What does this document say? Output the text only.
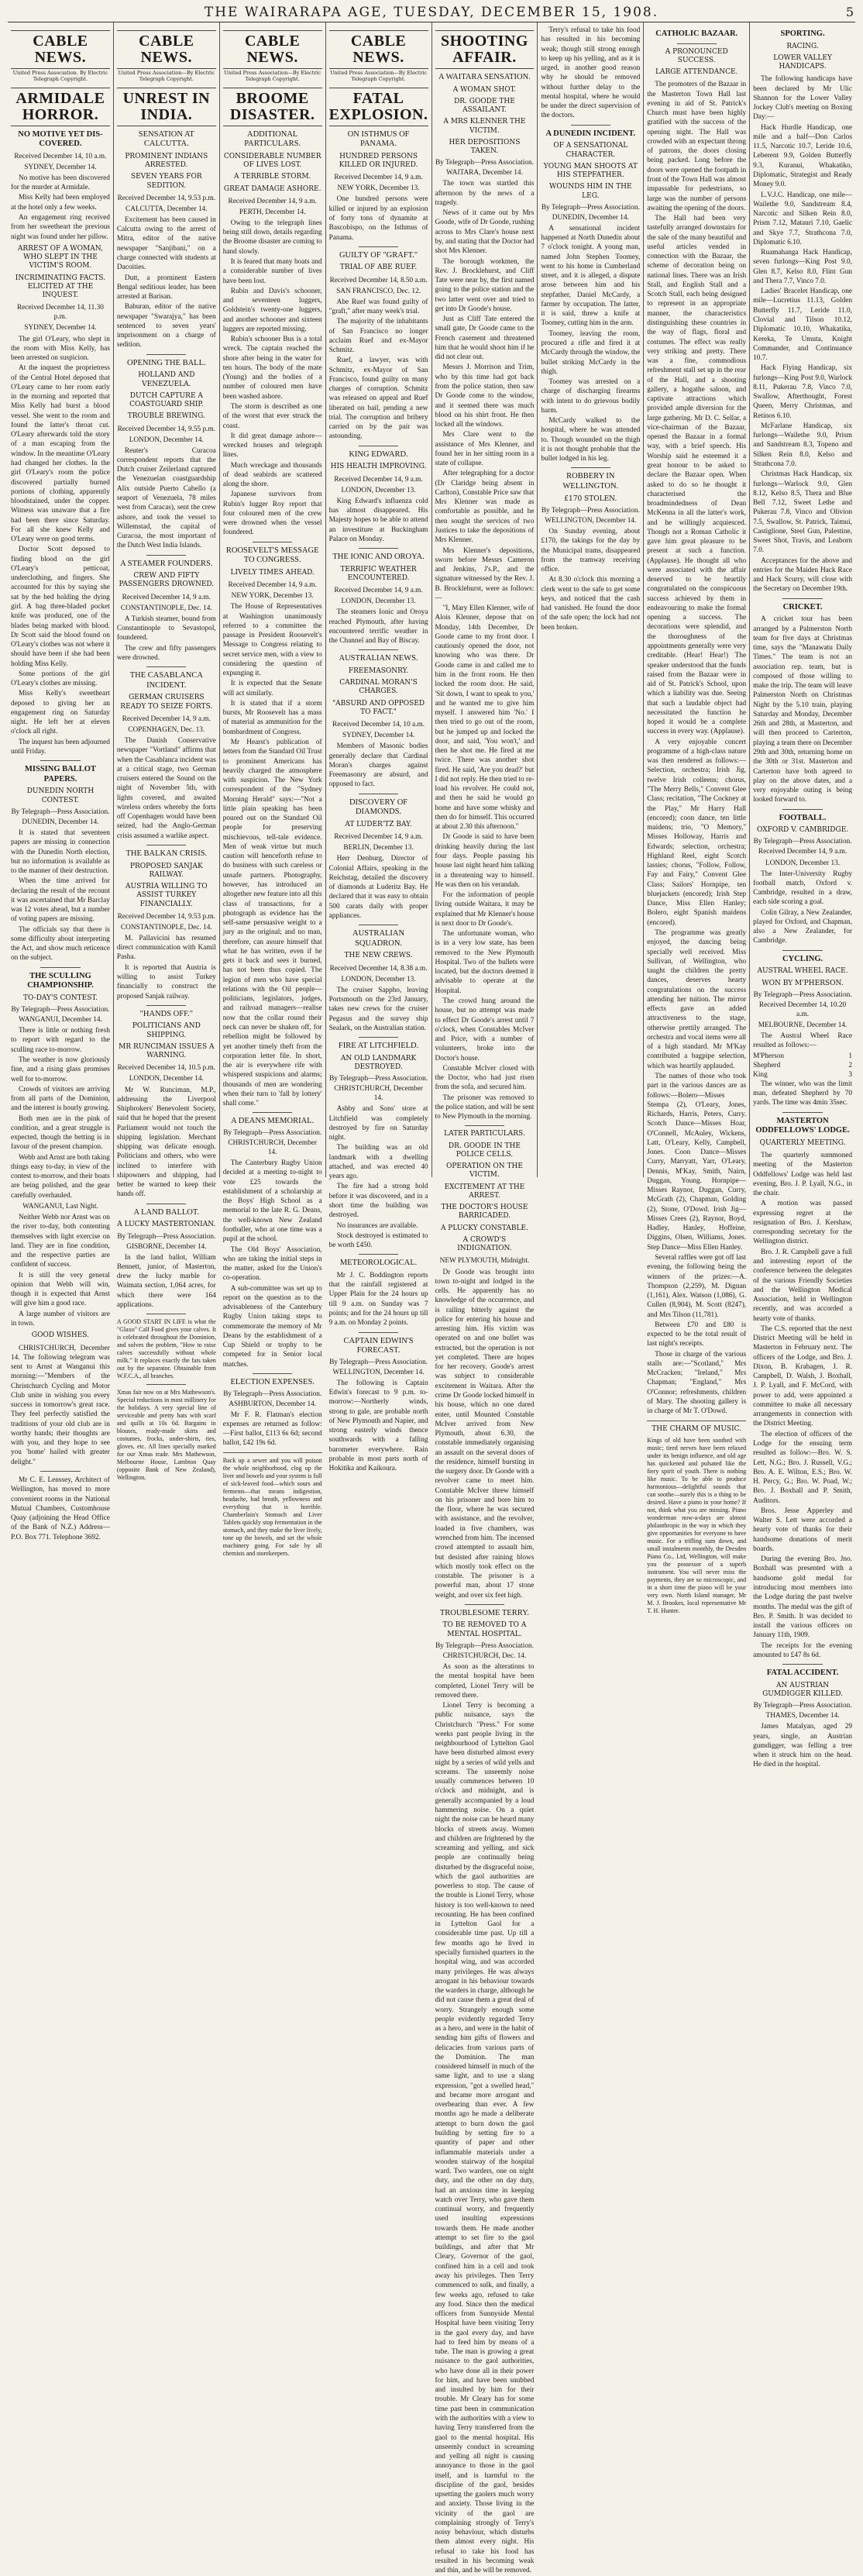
THE WAIRARAPA AGE, TUESDAY, DECEMBER 15, 1908.	5
CABLE NEWS.
United Press Association. By Electric Telegraph Copyright.
ARMIDALE HORROR.
NO MOTIVE YET DIS-COVERED.
Received December 14, 10 a.m.
SYDNEY, December 14.

No motive has been discovered for the murder at Armidale.

Miss Kelly had been employed at the hotel only a few weeks.

An engagement ring received from her sweetheart the previous night was found under her pillow.

ARREST OF A WOMAN, WHO SLEPT IN THE VICTIM'S ROOM.
INCRIMINATING FACTS. ELICITED AT THE INQUEST.
Received December 14, 11.30 p.m.
SYDNEY, December 14.

The girl O'Leary, who slept in the room with Miss Kelly, has been arrested on suspicion.

At the inquest the proprietress of the Central Hotel deposed that O'Leary came to her room early in the morning and reported that Miss Kelly had burst a blood vessel. She went to the room and found the latter's throat cut. O'Leary afterwards told the story of a man escaping from the window. In the meantime O'Leary had changed her clothes. In the girl O'Leary's room the police discovered partially burned portions of clothing, apparently bloodstained, under the copper. Witness was unaware that a fire had been there since Saturday. For all she knew Kelly and O'Leary were on good terms.

Doctor Scott deposed to finding blood on the girl O'Leary's petticoat, underclothing, and fingers. She accounted for this by saying she sat by the bed holding the dying girl. A bag three-bladed pocket knife was produced, one of the blades being marked with blood. Dr Scott said the blood found on O'Leary's clothes was not where it should have been if she had been holding Miss Kelly.

Some portions of the girl O'Leary's clothes are missing.

Miss Kelly's sweetheart deposed to giving her an engagement ring on Saturday night. He left her at eleven o'clock all right.

The inquest has been adjourned until Friday.

MISSING BALLOT PAPERS.
DUNEDIN NORTH CONTEST.
By Telegraph—Press Association.
DUNEDIN, December 14.

It is stated that seventeen papers are missing in connection with the Dunedin North election, but no information is available as to the manner of their destruction.

When the time arrived for declaring the result of the recount it was ascertained that Mr Barclay was 12 votes ahead, but a number of voting papers are missing.

The officials say that there is some difficulty about interpreting the Act, and show much reticence on the subject.

THE SCULLING CHAMPIONSHIP.
TO-DAY'S CONTEST.
By Telegraph—Press Association.
WANGANUI, December 14.

There is little or nothing fresh to report with regard to the sculling race to-morrow.

The weather is now gloriously fine, and a rising glass promises well for to-morrow.

Crowds of visitors are arriving from all parts of the Dominion, and the interest is hourly growing.

Both men are in the pink of condition, and a great struggle is expected, though the betting is in favour of the present champion.

Webb and Arnst are both taking things easy to-day, in view of the contest to-morrow, and their boats are being polished, and the gear carefully overhauled.

WANGANUI, Last Night.

Neither Webb nor Arnst was on the river to-day, both contenting themselves with light exercise on land. They are in fine condition, and the respective parties are confident of success.

It is still the very general opinion that Webb will win, though it is expected that Arnst will give him a good race.

A large number of visitors are in town.

GOOD WISHES.

CHRISTCHURCH, December 14. The following telegram was sent to Arnst at Wanganui this morning:—"Members of the Christchurch Cycling and Motor Club unite in wishing you every success in tomorrow's great race. They feel perfectly satisfied the traditions of your old club are in worthy hands; their thoughts are with you, and they hope to see you 'home' hailed with greater delight."

Mr C. E. Lenssey, Architect of Wellington, has moved to more convenient rooms in the National Mutual Chambers, Customhouse Quay (adjoining the Head Office of the Bank of N.Z.) Address—P.O. Box 771. Telephone 3692.

CABLE NEWS.
United Press Association—By Electric Telegraph Copyright.
UNREST IN INDIA.
SENSATION AT CALCUTTA.
PROMINENT INDIANS ARRESTED.
SEVEN YEARS FOR SEDITION.
Received December 14, 9.53 p.m.
CALCUTTA, December 14.

Excitement has been caused in Calcutta owing to the arrest of Mitra, editor of the native newspaper "Sanjibani," on a charge connected with students at Dacoities.

Dutt, a prominent Eastern Bengal seditious leader, has been arrested at Barisan.

Baburan, editor of the native newspaper "Swarajya," has been sentenced to seven years' imprisonment on a charge of sedition.

OPENING THE BALL.
HOLLAND AND VENEZUELA.
DUTCH CAPTURE A COASTGUARD SHIP.
TROUBLE BREWING.
Received December 14, 9.55 p.m.
LONDON, December 14.

Reuter's Curacoa correspondent reports that the Dutch cruiser Zeilerland captured the Venezuelan coastguardship Alix outside Puerto Cabello (a seaport of Venezuela, 78 miles west from Caracas), sent the crew ashore, and took the vessel to Willemstad, the capital of Curacoa, the most important of the Dutch West India Islands.

A STEAMER FOUNDERS.
CREW AND FIFTY PASSENGERS DROWNED.
Received December 14, 9 a.m.
CONSTANTINOPLE, Dec. 14.

A Turkish steamer, bound from Constantinople to Sevastopol, foundered.

The crew and fifty passengers were drowned.

THE CASABLANCA INCIDENT.
GERMAN CRUISERS READY TO SEIZE FORTS.
Received December 14, 9 a.m.
COPENHAGEN, Dec. 13.

The Danish Conservative newspaper "Vortland" affirms that when the Casablanca incident was at a critical stage, two German cruisers entered the Sound on the night of November 5th, with lights covered, and awaited wireless orders whereby the forts off Copenhagen would have been seized, had the Anglo-German crisis assumed a warlike aspect.

THE BALKAN CRISIS.
PROPOSED SANJAK RAILWAY.
AUSTRIA WILLING TO ASSIST TURKEY FINANCIALLY.
Received December 14, 9.53 p.m.
CONSTANTINOPLE, Dec. 14.

M. Pallavicini has resumed direct communication with Kamil Pasha.

It is reported that Austria is willing to assist Turkey financially to construct the proposed Sanjak railway.

"HANDS OFF."
POLITICIANS AND SHIPPING.
MR RUNCIMAN ISSUES A WARNING.
Received December 14, 10.5 p.m.
LONDON, December 14.

Mr W. Runciman, M.P., addressing the Liverpool Shipbrokers' Benevolent Society, said that he hoped that the present Parliament would not touch the shipping legislation. Merchant shipping was delicate enough. Politicians and others, who were inclined to interfere with shipowners and shipping, had better be warned to keep their hands off.

A LAND BALLOT.
A LUCKY MASTERTONIAN.
By Telegraph—Press Association.
GISBORNE, December 14.

In the land ballot, William Bennett, junior, of Masterton, drew the lucky marble for Waimata section, 1,064 acres, for which there were 164 applications.

A GOOD START IN LIFE is what the "Glaxo" Calf Food gives your calves. It is celebrated throughout the Dominion, and solves the problem, "How to raise calves successfully without whole milk." It replaces exactly the fats taken out by the separator. Obtainable from W.F.C.A., all branches.

Xmas fair now on at Mrs Mathewson's. Special reductions in most millinery for the holidays. A very special line of serviceable and pretty hats with scarf and quills at 10s 6d. Bargains in blouses, ready-made skirts and costumes, frocks, under-shirts, ties, gloves, etc. All lines specially marked for our Xmas trade. Mrs Mathewson, Melbourne House, Lambton Quay (opposite Bank of New Zealand), Wellington.

CABLE NEWS.
United Press Association—By Electric Telegraph Copyright.
BROOME DISASTER.
ADDITIONAL PARTICULARS.
CONSIDERABLE NUMBER OF LIVES LOST.
A TERRIBLE STORM.
GREAT DAMAGE ASHORE.
Received December 14, 9 a.m.
PERTH, December 14.

Owing to the telegraph lines being still down, details regarding the Broome disaster are coming to hand slowly.

It is feared that many boats and a considerable number of lives have been lost.

Rubin and Davis's schooner, and seventeen luggers, Goldstein's twenty-one luggers, and another schooner and sixteen luggers are reported missing.

Rubin's schooner Bus is a total wreck. The captain reached the shore after being in the water for ten hours. The body of the mate (Young) and the bodies of a number of coloured men have been washed ashore.

The storm is described as one of the worst that ever struck the coast.

It did great damage ashore—wrecked houses and telegraph lines.

Much wreckage and thousands of dead seabirds are scattered along the shore.

Japanese survivors from Rubin's lugger Roy report that four coloured men of the crew were drowned when the vessel foundered.

ROOSEVELT'S MESSAGE TO CONGRESS.
LIVELY TIMES AHEAD.
Received December 14, 9 a.m.
NEW YORK, December 13.

The House of Representatives at Washington unanimously referred to a committee the passage in President Roosevelt's Message to Congress relating to secret service men, with a view to considering the question of expunging it.

It is expected that the Senate will act similarly.

It is stated that if a storm bursts, Mr Roosevelt has a mass of material as ammunition for the bombardment of Congress.

Mr Hearst's publication of letters from the Standard Oil Trust to prominent Americans has heavily charged the atmosphere with suspicion. The New York correspondent of the "Sydney Morning Herald" says:—"Not a little plain speaking has been poured out on the Standard Oil people for preserving mischievous, tell-tale evidence. Men of weak virtue but much caution will henceforth refuse to do business with such careless or unsafe partners. Photography, however, has introduced an altogether new feature into all this class of transactions, for a photograph as evidence has the self-same persuasive weight to a jury as the original; and no man, therefore, can assure himself that what he has written, even if he gets it back and sees it burned, has not been thus copied. The legion of men who have special relations with the Oil people—politicians, legislators, judges, and railroad managers—realise now that the collar round their neck can never be shaken off, for rebellion might be followed by yet another timely theft from the corporation letter file. In short, the air is everywhere rife with whispered suspicions and alarms; thousands of men are wondering when their turn to 'fall by lottery' shall come."

A DEANS MEMORIAL.
By Telegraph—Press Association.
CHRISTCHURCH, December 14.

The Canterbury Rugby Union decided at a meeting to-night to vote £25 towards the establishment of a scholarship at the Boys' High School as a memorial to the late R. G. Deans, the well-known New Zealand footballer, who at one time was a pupil at the school.

The Old Boys' Association, who are taking the initial steps in the matter, asked for the Union's co-operation.

A sub-committee was set up to report on the question as to the advisableness of the Canterbury Rugby Union taking steps to commemorate the memory of Mr Deans by the establishment of a Cup Shield or trophy to be competed for in Senior local matches.

ELECTION EXPENSES.
By Telegraph—Press Association.
ASHBURTON, December 14.

Mr F. R. Flatman's election expenses are returned as follow:—First ballot, £113 6s 6d; second ballot, £42 19s 6d.

Back up a sewer and you will poison the whole neighborhood, clog up the liver and bowels and your system is full of sick-leaved food—which sours and ferments—that means indigestion, headache, bad breath, yellowness and everything that is horrible. Chamberlain's Stomach and Liver Tablets quickly stop fermentation in the stomach, and they make the liver lively, tone up the bowels, and set the whole machinery going. For sale by all chemists and storekeepers.

CABLE NEWS.
United Press Association—By Electric Telegraph Copyright.
FATAL EXPLOSION.
ON ISTHMUS OF PANAMA.
HUNDRED PERSONS KILLED OR INJURED.
Received December 14, 9 a.m.
NEW YORK, December 13.

One hundred persons were killed or injured by an explosion of forty tons of dynamite at Bascobispo, on the Isthmus of Panama.

GUILTY OF "GRAFT."
TRIAL OF ABE RUEF.
Received December 14, 8.50 a.m.
SAN FRANCISCO, Dec. 12.

Abe Ruef was found guilty of "graft," after many week's trial.

The majority of the inhabitants of San Francisco no longer acclaim Ruef and ex-Mayor Schmitz.

Ruef, a lawyer, was with Schmitz, ex-Mayor of San Francisco, found guilty on many charges of corruption. Schmitz was released on appeal and Ruef liberated on bail, pending a new trial. The corruption and bribery carried on by the pair was astounding.

KING EDWARD.
HIS HEALTH IMPROVING.
Received December 14, 9 a.m.
LONDON, December 13.

King Edward's influenza cold has almost disappeared. His Majesty hopes to be able to attend an investiture at Buckingham Palace on Monday.

THE IONIC AND OROYA.
TERRIFIC WEATHER ENCOUNTERED.
Received December 14, 9 a.m.
LONDON, December 13.

The steamers Ionic and Oroya reached Plymouth, after having encountered terrific weather in the Channel and Bay of Biscay.

AUSTRALIAN NEWS.
FREEMASONRY.
CARDINAL MORAN'S CHARGES.
"ABSURD AND OPPOSED TO FACT."
Received December 14, 10 a.m.
SYDNEY, December 14.

Members of Masonic bodies generally declare that Cardinal Moran's charges against Freemasonry are absurd, and opposed to fact.

DISCOVERY OF DIAMONDS.
AT LUDER'TZ BAY.
Received December 14, 9 a.m.
BERLIN, December 13.

Herr Denburg, Director of Colonial Affairs, speaking in the Reichstag, detailed the discovery of diamonds at Luderitz Bay. He declared that it was easy to obtain 500 carats daily with proper appliances.

AUSTRALIAN SQUADRON.
THE NEW CREWS.
Received December 14, 8.38 a.m.
LONDON, December 13.

The cruiser Sappho, leaving Portsmouth on the 23rd January, takes new crews for the cruiser Pegasus and the survey ship Sealark, on the Australian station.

FIRE AT LITCHFIELD.
AN OLD LANDMARK DESTROYED.
By Telegraph—Press Association.
CHRISTCHURCH, December 14.

Ashby and Sons' store at Litchfield was completely destroyed by fire on Saturday night.

The building was an old landmark with a dwelling attached, and was erected 40 years ago.

The fire had a strong hold before it was discovered, and in a short time the building was destroyed.

No insurances are available.

Stock destroyed is estimated to be worth £450.

METEOROLOGICAL.

Mr J. C. Boddington reports that the rainfall registered at Upper Plain for the 24 hours up till 9 a.m. on Sunday was 7 points; and for the 24 hours up till 9 a.m. on Monday 2 points.

CAPTAIN EDWIN'S FORECAST.
By Telegraph—Press Association.
WELLINGTON, December 14.

The following is Captain Edwin's forecast to 9 p.m. to-morrow:—Northerly winds, strong to gale, are probable north of New Plymouth and Napier, and strong easterly winds thence southwards with a falling barometer everywhere. Rain probable in most parts north of Hokitika and Kaikoura.

SHOOTING AFFAIR.
A WAITARA SENSATION.
A WOMAN SHOT.
DR. GOODE THE ASSAILANT.
A MRS KLENNER THE VICTIM.
HER DEPOSITIONS TAKEN.
By Telegraph—Press Association.
WAITARA, December 14.

The town was startled this afternoon by the news of a tragedy.

News of it came out by Mrs Goode, wife of Dr Goode, rushing across to Mrs Clare's house next by, and stating that the Doctor had shot Mrs Klenner.

The borough workmen, the Rev. J. Brocklehurst, and Cliff Tate were near by, the first named going to the police station and the two latter went over and tried to get into Dr Goode's house.

Just as Cliff Tate entered the small gate, Dr Goode came to the French casement and threatened him that he would shoot him if he did not clear out.

Messrs J. Morrison and Trim, who by this time had got back from the police station, then saw Dr Goode come to the window, and it seemed there was much blood on his shirt front. He then locked all the windows.

Mrs Clare went to the assistance of Mrs Klenner, and found her in her sitting room in a state of collapse.

After telegraphing for a doctor (Dr Claridge being absent in Carlton), Constable Price saw that Mrs Klenner was made as comfortable as possible, and he then sought the services of two Justices to take the depositions of Mrs Klenner.

Mrs Klenner's depositions, sworn before Messrs Cameron and Jenkins, J's.P., and the signature witnessed by the Rev. J. B. Brocklehurst, were as follows:—

"I, Mary Ellen Klenner, wife of Alois Klenner, depose that on Monday, 14th December, Dr Goode came to my front door. I cautiously opened the door, not knowing who was there. Dr Goode came in and called me to him in the front room. He then locked the room door. He said, 'Sit down, I want to speak to you,' and he wanted me to give him myself. I answered him 'No.' I then tried to go out of the room, but he jumped up and locked the door, and said, 'You won't,' and then he shot me. He fired at me twice. There was another shot fired. He said, 'Are you dead?' but I did not reply. He then tried to re-load his revolver. He could not, and then he said he would go home and have some whisky and then do for himself. This occurred at about 2.30 this afternoon."

Dr Goode is said to have been drinking heavily during the last four days. People passing his house last night heard him talking in a threatening way to himself. He was then on his verandah.

For the information of people living outside Waitara, it may be explained that Mr Klenner's house is next door to Dr Goode's.

The unfortunate woman, who is in a very low state, has been removed to the New Plymouth Hospital. Two of the bullets were located, but the doctors deemed it advisable to operate at the Hospital.

The crowd hung around the house, but no attempt was made to effect Dr Goode's arrest until 7 o'clock, when Constables McIver and Price, with a number of volunteers, broke into the Doctor's house.

Constable McIver closed with the Doctor, who had just risen from the sofa, and secured him.

The prisoner was removed to the police station, and will be sent to New Plymouth in the morning.

LATER PARTICULARS.
DR. GOODE IN THE POLICE CELLS.
OPERATION ON THE VICTIM.
EXCITEMENT AT THE ARREST.
THE DOCTOR'S HOUSE BARRICADED.
A PLUCKY CONSTABLE.
A CROWD'S INDIGNATION.
NEW PLYMOUTH, Midnight.

Dr Goode was brought into town to-night and lodged in the cells. He apparently has no knowledge of the occurrence, and is railing bitterly against the police for entering his house and arresting him. His victim was operated on and one bullet was extracted, but the operation is not yet completed. There are hopes for her recovery. Goode's arrest was subject to considerable excitement in Waitara. After the crime Dr Goode locked himself in his house, which no one dared enter, until Mounted Constable McIver arrived from New Plymouth, about 6.30, the constable immediately organising an assault on the several doors of the residence, himself bursting in the surgery door. Dr Goode with a revolver came to meet him. Constable McIver threw himself on his prisoner and bore him to the floor, where he was secured with assistance, and the revolver, loaded in five chambers, was wrenched from him. The incensed crowd attempted to assault him, but desisted after raining blows which mostly took effect on the constable. The prisoner is a powerful man, about 17 stone weight, and over six feet high.

TROUBLESOME TERRY.
TO BE REMOVED TO A MENTAL HOSPITAL.
By Telegraph—Press Association.
CHRISTCHURCH, Dec. 14.

As soon as the alterations to the mental hospital have been completed, Lionel Terry will be removed there.

Lionel Terry is becoming a public nuisance, says the Christchurch "Press." For some weeks past people living in the neighbourhood of Lyttelton Gaol have been disturbed almost every night by a series of wild yells and screams. The unseemly noise usually commences between 10 o'clock and midnight, and is generally accompanied by a loud hammering noise. On a quiet night the noise can be heard many blocks of streets away. Women and children are frightened by the screaming and yelling, and sick people are continually being disturbed by the disgraceful noise, which the gaol authorities are powerless to stop. The cause of the trouble is Lionel Terry, whose history is too well-known to need recounting. He has been confined in Lyttelton Gaol for a considerable time past. Up till a few months ago he lived in specially furnished quarters in the hospital wing, and was accorded many privileges. He was always arrogant in his behaviour towards the warders in charge, although he did not cause them a great deal of worry. Strangely enough some people evidently regarded Terry as a hero, and were in the habit of sending him gifts of flowers and delicacies from various parts of the Dominion. The man considered himself in much of the same light, and to use a slang expression, "got a swelled head," and became more arrogant and overbearing than ever. A few months ago he made a deliberate attempt to burn down the gaol building by setting fire to a quantity of paper and other inflammable materials under a wooden stairway of the hospital ward. Two warders, one on night duty, and the other on day duty, had an anxious time in keeping watch over Terry, who gave them continual worry, and frequently used insulting expressions towards them. He made another attempt to set fire to the gaol buildings, and after that Mr Cleary, Governor of the gaol, confined him in a cell and took away his privileges. Then Terry commenced to sulk, and finally, a few weeks ago, refused to take any food. Since then the medical officers from Sunnyside Mental Hospital have been visiting Terry in the gaol every day, and have had to feed him by means of a tube. The man is growing a great nuisance to the gaol authorities, who have done all in their power for him, and have been snubbed and insulted by him for their trouble. Mr Cleary has for some time past been in communication with the authorities with a view to having Terry transferred from the gaol to the mental hospital. His unseemly conduct in screaming and yelling all night is causing annoyance to those in the gaol itself, and is harmful to the discipline of the gaol, besides upsetting the gaolers much worry and anxiety. Those living in the vicinity of the gaol are complaining strongly of Terry's noisy behaviour, which disturbs them almost every night. His refusal to take his food has resulted in his becoming weak and thin, and he will be removed.

Terry's refusal to take his food has resulted in his becoming weak; though still strong enough to keep up his yelling, and as it is urged, in another good reason why he should be removed without further delay to the mental hospital, where he would be under the direct supervision of the doctors.

A DUNEDIN INCIDENT.
OF A SENSATIONAL CHARACTER.
YOUNG MAN SHOOTS AT HIS STEPFATHER.
WOUNDS HIM IN THE LEG.
By Telegraph—Press Association.
DUNEDIN, December 14.

A sensational incident happened at North Dunedin about 7 o'clock tonight. A young man, named John Stephen Toomey, went to his home in Cumberland street, and it is alleged, a dispute arose between him and his stepfather, Daniel McCardy, a farmer by occupation. The latter, it is said, threw a knife at Toomey, cutting him in the arm.

Toomey, leaving the room, procured a rifle and fired it at McCardy through the window, the bullet striking McCardy in the thigh.

Toomey was arrested on a charge of discharging firearms with intent to do grievous bodily harm.

McCardy walked to the hospital, where he was attended to. Though wounded on the thigh it is not thought probable that the bullet lodged in his leg.

ROBBERY IN WELLINGTON.
£170 STOLEN.
By Telegraph—Press Association.
WELLINGTON, December 14.

On Sunday evening, about £170, the takings for the day by the Municipal trams, disappeared from the tramway receiving office.

At 8.30 o'clock this morning a clerk went to the safe to get some keys, and noticed that the cash had vanished. He found the door of the safe open; the lock had not been broken.

CATHOLIC BAZAAR.
A PRONOUNCED SUCCESS.
LARGE ATTENDANCE.

The promoters of the Bazaar in the Masterton Town Hall last evening in aid of St. Patrick's Church must have been highly gratified with the success of the opening night. The Hall was crowded with an expectant throng of patrons, the doors closing being packed. Long before the doors were opened the footpath in front of the Town Hall was almost impassable for pedestrians, so large was the number of persons awaiting the opening of the doors.

The Hall had been very tastefully arranged downstairs for the sale of the many beautiful and useful articles vended in connection with the Bazaar, the scheme of decoration being on national lines. There was an Irish Stall, and English Stall and a Scotch Stall, each being designed to represent in an appropriate manner, the characteristics distinguishing these countries in the way of flags, floral and costumes. The effect was really very striking and pretty. There was a fine, commodious refreshment stall set up in the rear of the Hall, and a shooting gallery, a hogathe saloon, and captivate attractions which provided ample diversion for the large gathering. Mr D. C. Sellar, a vice-chairman of the Bazaar, opened the Bazaar in a formal way, with a brief speech. His Worship said he esteemed it a great honour to be asked to declare the Bazaar open. When asked to do so he thought it characterised the broadmindedness of Dean McKenna in all the latter's work, and he willingly acquiesced. Though not a Roman Catholic it gave him great pleasure to be present at such a function. (Applause). He thought all who were associated with the affair deserved to be heartily congratulated on the conspicuous success achieved by them in endeavouring to make the formal opening a success. The decorations were splendid, and the thoroughness of the appointments generally were very creditable. (Hear! Hear!) The speaker understood that the funds raised from the Bazaar were in aid of St. Patrick's School, upon which a liability was due. Seeing that such a laudable object had necessitated the function he hoped it would be a complete success in every way. (Applause).

A very enjoyable concert programme of a high-class nature was then rendered as follows:—Selection, orchestra; Irish Jig, twelve Irish colleens; chorus, "The Merry Bells," Convent Glee Class; recitation, "The Cockney at the Play," Mr Harry Hall (encored); coon dance, ten little maidens; trio, "O Memory," Misses Holloway, Harris and Edwards; selection, orchestra; Highland Reel, eight Scotch lassies; chorus, "Follow, Follow, Fay and Fairy," Convent Glee Class; Sailors' Hornpipe, ten bluejackets (encored); Irish Step Dance, Miss Ellen Hanley; Bolero, eight Spanish maidens (encored).

The programme was greatly enjoyed, the dancing being specially well received. Miss Sullivan, of Wellington, who taught the children the pretty dances, deserves hearty congratulations on the success attending her tuition. The mirror effects gave an added attractiveness to the stage, otherwise prettily arranged. The orchestra and vocal items were all of a high standard. Mr M'Kay contributed a bagpipe selection, which was heartily applauded.

The names of those who took part in the various dances are as follows:—Bolero—Misses Stempa (2), O'Leary, Jones, Richards, Harris, Peters, Curry. Scotch Dance—Misses Hoar, O'Connell, McAuley, Wickens, Latt, O'Leary, Kelly, Campbell, Jones. Coon Dance—Misses Curry, Marryatt, Yarr, O'Leary, Dennis, M'Kay, Smith, Nairn, Duggan, Young. Hornpipe—Misses Raynor, Duggan, Curry, McGrath (2), Chapman, Golding (2), Stone, O'Dowd. Irish Jig—Misses Crees (2), Raynor, Boyd, Hadley, Hanley, Hoffeine, Diggins, Olsen, Williams, Jones. Step Dance—Miss Ellen Hanley.

Several raffles were got off last evening, the following being the winners of the prizes:—A. Thompson (2,259), M. Dignan (1,161), Alex. Watson (1,086), G. Cullen (8,904), M. Scott (8247), and Mrs Tilson (11,781).

Between £70 and £80 is expected to be the total result of last night's receipts.

Those in charge of the various stalls are:—"Scotland," Mrs McCracken; "Ireland," Mrs Chapman; "England," Mrs O'Connor; refreshments, children of Mary. The shooting gallery is in charge of Mr T. O'Dowd.

THE CHARM OF MUSIC.

Kings of old have been soothed with music; tired nerves have been relaxed under its benign influence, and old age has quickened and pulsated like the fiery spirit of youth. There is nothing like music. To be able to produce harmonious—delightful sounds that can soothe—surely this is a thing to be desired. Have a piano in your home? If not, think what you are missing. Piano wonderman now-a-days are almost philanthropic in the way in which they give opportunities for everyone to have music. For a trifling sum down, and small instalments monthly, the Dresden Piano Co., Ltd, Wellington, will make you the possessor of a superb instrument. You will never miss the payments, they are so microscopic, and in a short time the piano will be your very own. North Island manager, Mr M. J. Brookes, local representative Mr T. H. Hunter.

SPORTING.
RACING.
LOWER VALLEY HANDICAPS.

The following handicaps have been declared by Mr Ulic Shannon for the Lower Valley Jockey Club's meeting on Boxing Day:—

Hack Hurdle Handicap, one mile and a half—Don Carlos 11.5, Narcotic 10.7, Leride 10.6, Leberent 9.9, Golden Butterfly 9.3, Kuranui, Whakatiko, Diplomatic, Strategist and Ready Money 9.0.

L.V.J.C. Handicap, one mile—Wailethe 9.0, Sandstream 8.4, Narcotic and Silken Rein 8.0, Prism 7.12, Matauri 7.10, Gaelic and Skye 7.7, Strathcona 7.0, Diplomatic 6.10.

Ruamahanga Hack Handicap, seven furlongs—King Post 9.0, Glen 8.7, Kelso 8.0, Flint Gun and Thera 7.7, Vinco 7.0.

Ladies' Bracelet Handicap, one mile—Lucretius 11.13, Golden Butterfly 11.7, Leride 11.0, Clovial and Tilson 10.12, Diplomatic 10.10, Whakatika, Kereka, Te Umuta, Knight Commander, and Continuance 10.7.

Hack Flying Handicap, six furlongs—King Post 9.0, Warlock 8.11, Pukerau 7.8, Vinco 7.0, Swallow, Afterthought, Forest Queen, Merry Christmas, and Retinos 6.10.

McFarlane Handicap, six furlongs—Wailethe 9.0, Prism and Sandstream 8.3, Topeno and Silken Rein 8.0, Kelso and Strathcona 7.0.

Christmas Hack Handicap, six furlongs—Warlock 9.0, Glen 8.12, Kelso 8.5, Thera and Blue Bell 7.12, Sweet Lethe and Pukerau 7.8, Vinco and Olivion 7.5, Swallow, St. Patrick, Taimui, Castiglione, Steel Gun, Palestine, Sweet Shot, Travis, and Leaborn 7.0.

Acceptances for the above and entries for the Maiden Hack Race and Hack Scurry, will close with the Secretary on December 19th.

CRICKET.

A cricket tour has been arranged by a Palmerston North team for five days at Christmas time, says the "Manawatu Daily Times." The team is not an association rep. team, but is composed of those willing to make the trip. The team will leave Palmerston North on Christmas Night by the 5.10 train, playing Saturday and Monday, December 26th and 28th, at Masterton, and will then proceed to Carterton, playing a team there on December 29th and 30th, returning home on the 30th or 31st. Masterton and Carterton have both agreed to play on the above dates, and a very enjoyable outing is being looked forward to.

FOOTBALL.
OXFORD V. CAMBRIDGE.
By Telegraph—Press Association.
Received December 14, 9 a.m.
LONDON, December 13.

The Inter-University Rugby football match, Oxford v. Cambridge, resulted in a draw, each side scoring a goal.

Colin Gilray, a New Zealander, played for Oxford, and Chapman, also a New Zealander, for Cambridge.

CYCLING.
AUSTRAL WHEEL RACE.
WON BY M'PHERSON.
By Telegraph—Press Association.
Received December 14, 10.20 a.m.
MELBOURNE, December 14.

The Austral Wheel Race resulted as follows:—

M'Pherson	1
Shepherd	2
King	3

The winner, who was the limit man, defeated Shepherd by 70 yards. The time was 4min 35sec.

MASTERTON ODDFELLOWS' LODGE.
QUARTERLY MEETING.

The quarterly summoned meeting of the Masterton Oddfellows' Lodge was held last evening, Bro. J. P. Lyall, N.G., in the chair.

A motion was passed expressing regret at the resignation of Bro. J. Kershaw, corresponding secretary for the Wellington district.

Bro. J. R. Campbell gave a full and interesting report of the conference between the delegates of the various Friendly Societies and the Wellington Medical Association, held in Wellington recently, and was accorded a hearty vote of thanks.

The C.S. reported that the next District Meeting will be held in Masterton in February next. The officers of the Lodge, and Bro. J. Dixon, B. Krahagen, J. R. Campbell, D. Walsh, J. Boxhall, J. P. Lyall, and F. McCord, with power to add, were appointed a committee to make all necessary arrangements in connection with the District Meeting.

The election of officers of the Lodge for the ensuing term resulted as follow:—Bro. W. S. Lett, N.G.; Bro. J. Russell, V.G.; Bro. A. E. Wilton, E.S.; Bro. W. H. Percy, G.; Bro. W. Poad, W.; Bro. J. Boxhall and P. Smith, Auditors.

Bros. Jesse Apperley and Walter S. Lett were accorded a hearty vote of thanks for their handsome donations of merit boards.

During the evening Bro. Jno. Boxhall was presented with a handsome gold medal for introducing most members into the Lodge during the past twelve months. The medal was the gift of Bro. P. Smith. It was decided to install the various officers on January 11th, 1909.

The receipts for the evening amounted to £47 8s 6d.

FATAL ACCIDENT.
AN AUSTRIAN GUMDIGGER KILLED.
By Telegraph—Press Association.
THAMES, December 14.

James Matalyan, aged 29 years, single, an Austrian gumdigger, was felling a tree when it struck him on the head. He died in the hospital.
